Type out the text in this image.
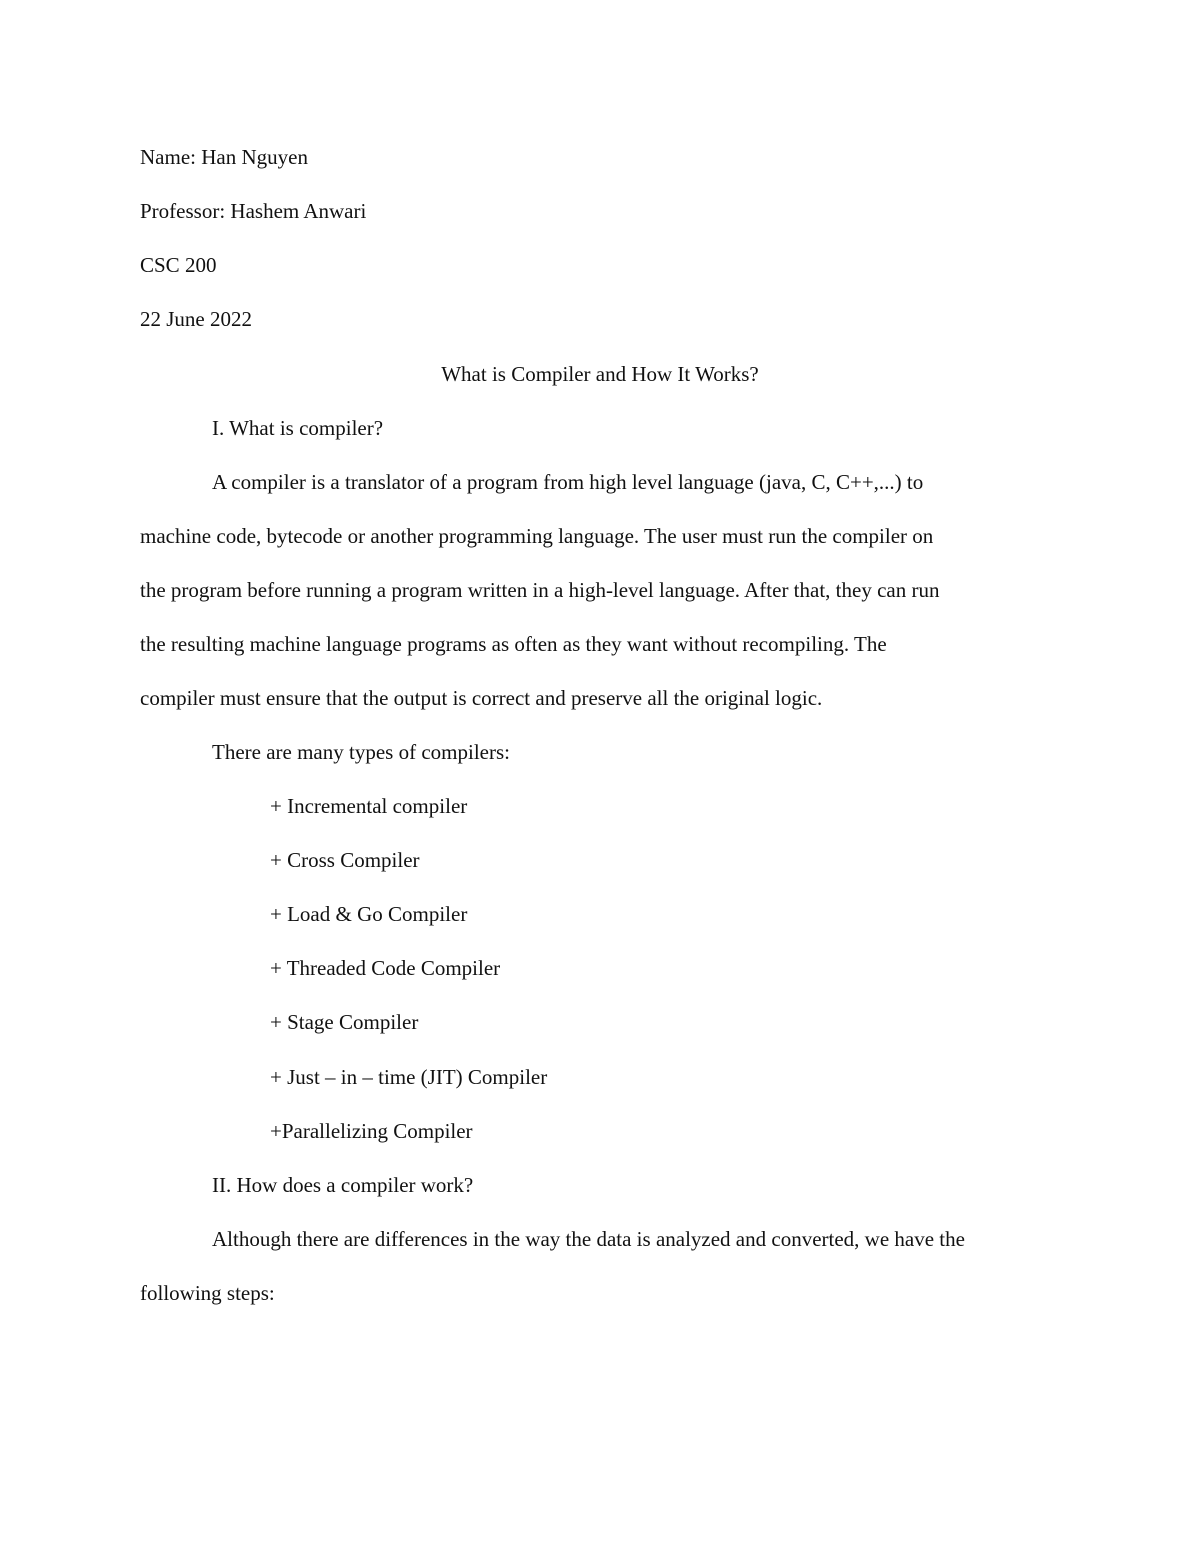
Name: Han Nguyen

Professor: Hashem Anwari

CSC 200

22 June 2022

What is Compiler and How It Works?

I. What is compiler?

A compiler is a translator of a program from high level language (java, C, C++,...) to

machine code, bytecode or another programming language. The user must run the compiler on

the program before running a program written in a high-level language. After that, they can run

the resulting machine language programs as often as they want without recompiling. The

compiler must ensure that the output is correct and preserve all the original logic.

There are many types of compilers:

+ Incremental compiler

+ Cross Compiler

+ Load & Go Compiler

+ Threaded Code Compiler

+ Stage Compiler

+ Just – in – time (JIT) Compiler

+Parallelizing Compiler

II. How does a compiler work?

Although there are differences in the way the data is analyzed and converted, we have the

following steps:
